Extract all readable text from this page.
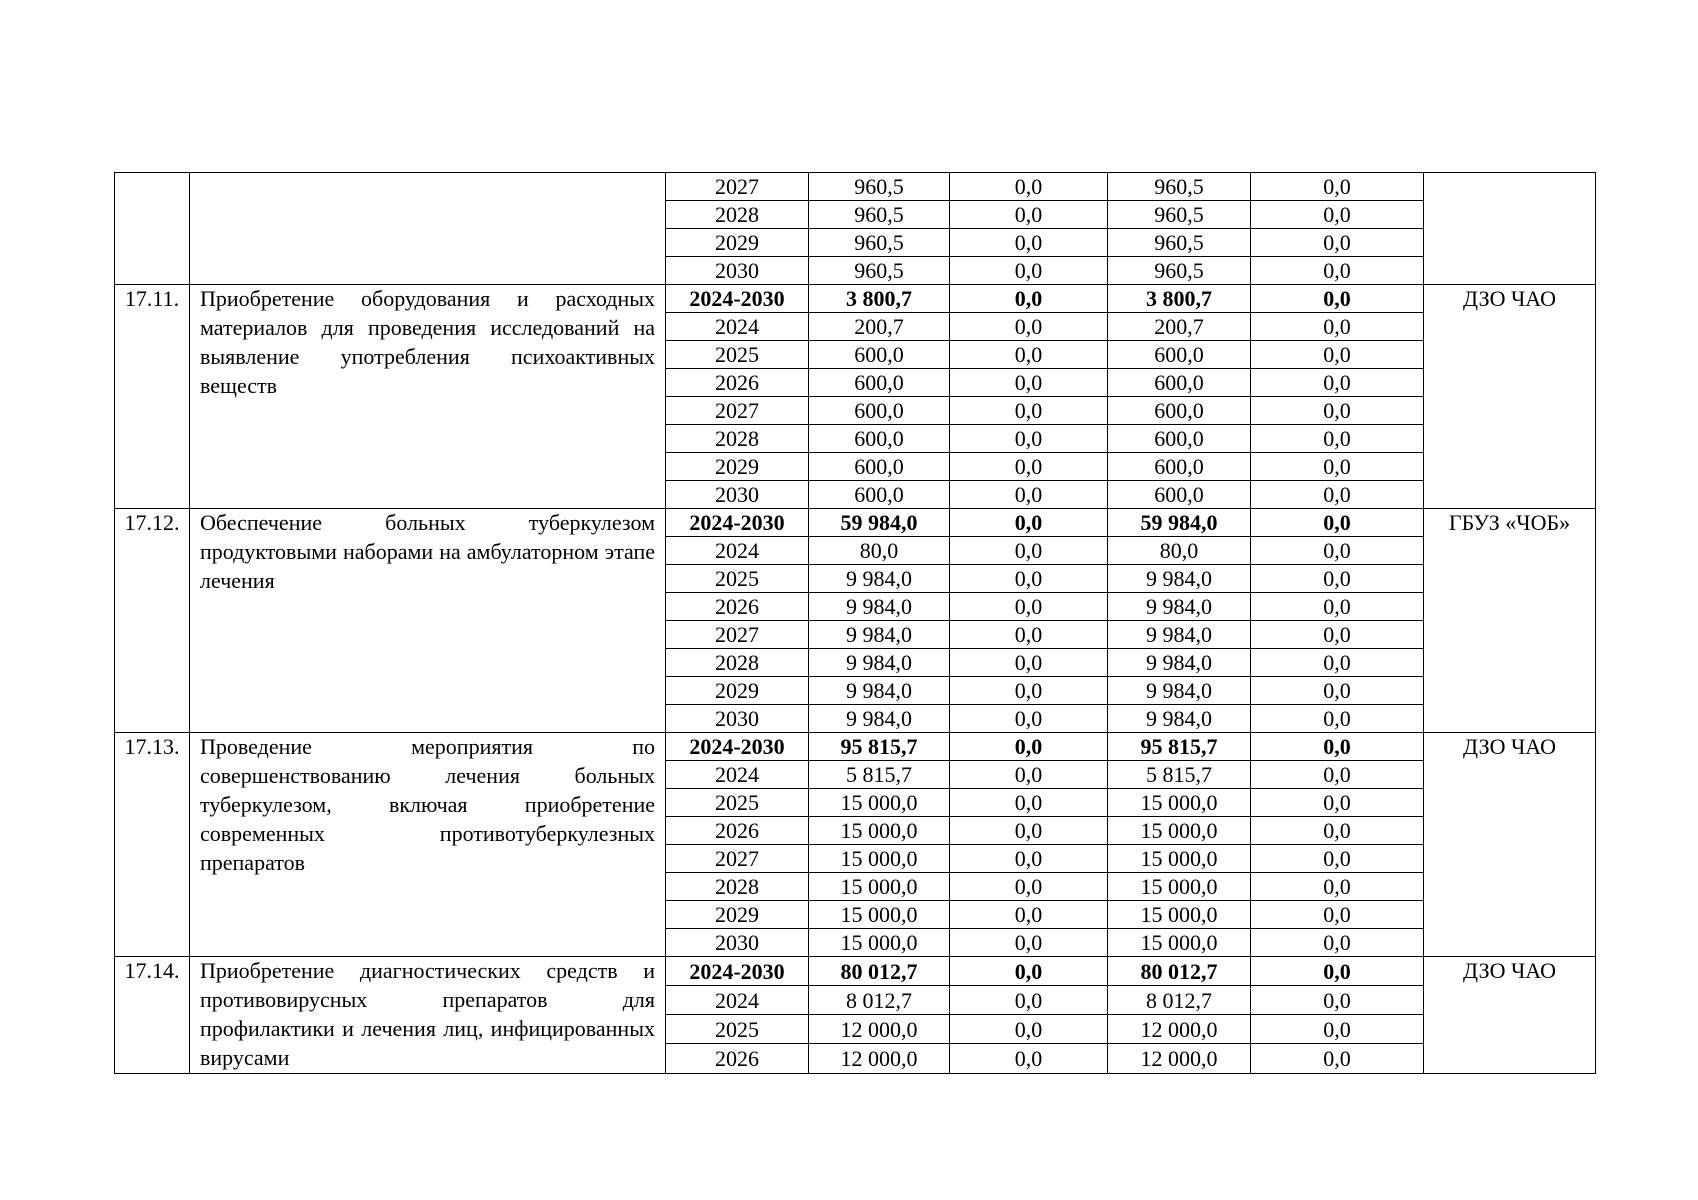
		2027	960,5	0,0	960,5	0,0	
		2028	960,5	0,0	960,5	0,0	
		2029	960,5	0,0	960,5	0,0	
		2030	960,5	0,0	960,5	0,0	
17.11.	Приобретение оборудования и расходных материалов для проведения исследований на выявление употребления психоактивных веществ	2024-2030	3 800,7	0,0	3 800,7	0,0	ДЗО ЧАО
		2024	200,7	0,0	200,7	0,0	
		2025	600,0	0,0	600,0	0,0	
		2026	600,0	0,0	600,0	0,0	
		2027	600,0	0,0	600,0	0,0	
		2028	600,0	0,0	600,0	0,0	
		2029	600,0	0,0	600,0	0,0	
		2030	600,0	0,0	600,0	0,0	
17.12.	Обеспечение больных туберкулезом продуктовыми наборами на амбулаторном этапе лечения	2024-2030	59 984,0	0,0	59 984,0	0,0	ГБУЗ «ЧОБ»
		2024	80,0	0,0	80,0	0,0	
		2025	9 984,0	0,0	9 984,0	0,0	
		2026	9 984,0	0,0	9 984,0	0,0	
		2027	9 984,0	0,0	9 984,0	0,0	
		2028	9 984,0	0,0	9 984,0	0,0	
		2029	9 984,0	0,0	9 984,0	0,0	
		2030	9 984,0	0,0	9 984,0	0,0	
17.13.	Проведение мероприятия по совершенствованию лечения больных туберкулезом, включая приобретение современных противотуберкулезных препаратов	2024-2030	95 815,7	0,0	95 815,7	0,0	ДЗО ЧАО
		2024	5 815,7	0,0	5 815,7	0,0	
		2025	15 000,0	0,0	15 000,0	0,0	
		2026	15 000,0	0,0	15 000,0	0,0	
		2027	15 000,0	0,0	15 000,0	0,0	
		2028	15 000,0	0,0	15 000,0	0,0	
		2029	15 000,0	0,0	15 000,0	0,0	
		2030	15 000,0	0,0	15 000,0	0,0	
17.14.	Приобретение диагностических средств и противовирусных препаратов для профилактики и лечения лиц, инфицированных вирусами	2024-2030	80 012,7	0,0	80 012,7	0,0	ДЗО ЧАО
		2024	8 012,7	0,0	8 012,7	0,0	
		2025	12 000,0	0,0	12 000,0	0,0	
		2026	12 000,0	0,0	12 000,0	0,0	
